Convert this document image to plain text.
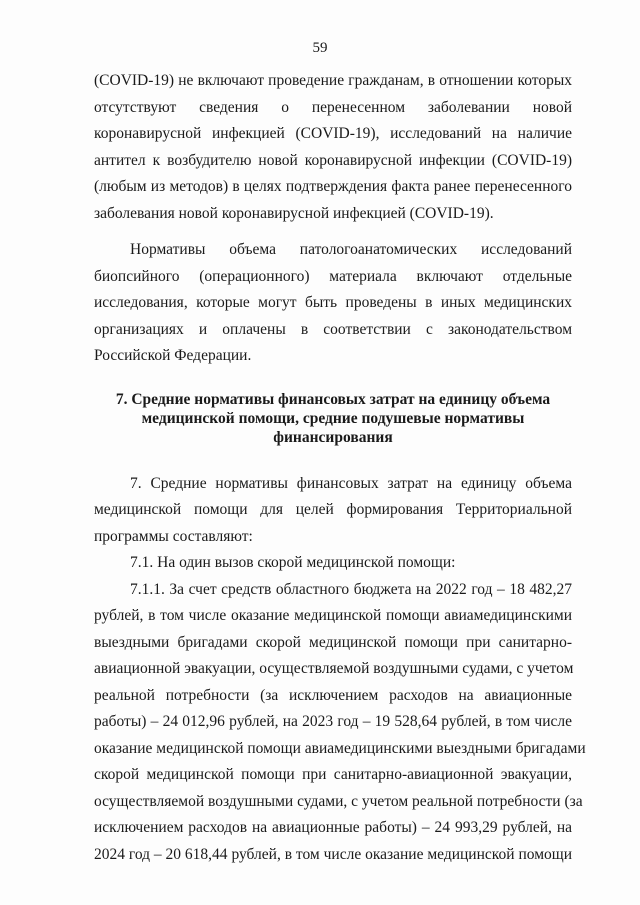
59
(COVID-19) не включают проведение гражданам, в отношении которых
отсутствуют сведения о перенесенном заболевании новой
коронавирусной инфекцией (COVID-19), исследований на наличие
антител к возбудителю новой коронавирусной инфекции (COVID-19)
(любым из методов) в целях подтверждения факта ранее перенесенного
заболевания новой коронавирусной инфекцией (COVID-19).
Нормативы объема патологоанатомических исследований
биопсийного (операционного) материала включают отдельные
исследования, которые могут быть проведены в иных медицинских
организациях и оплачены в соответствии с законодательством
Российской Федерации.
7. Средние нормативы финансовых затрат на единицу объема
медицинской помощи, средние подушевые нормативы
финансирования
7. Средние нормативы финансовых затрат на единицу объема
медицинской помощи для целей формирования Территориальной
программы составляют:
7.1. На один вызов скорой медицинской помощи:
7.1.1. За счет средств областного бюджета на 2022 год – 18 482,27
рублей, в том числе оказание медицинской помощи авиамедицинскими
выездными бригадами скорой медицинской помощи при санитарно-
авиационной эвакуации, осуществляемой воздушными судами, с учетом
реальной потребности (за исключением расходов на авиационные
работы) – 24 012,96 рублей, на 2023 год – 19 528,64 рублей, в том числе
оказание медицинской помощи авиамедицинскими выездными бригадами
скорой медицинской помощи при санитарно-авиационной эвакуации,
осуществляемой воздушными судами, с учетом реальной потребности (за
исключением расходов на авиационные работы) – 24 993,29 рублей, на
2024 год – 20 618,44 рублей, в том числе оказание медицинской помощи
